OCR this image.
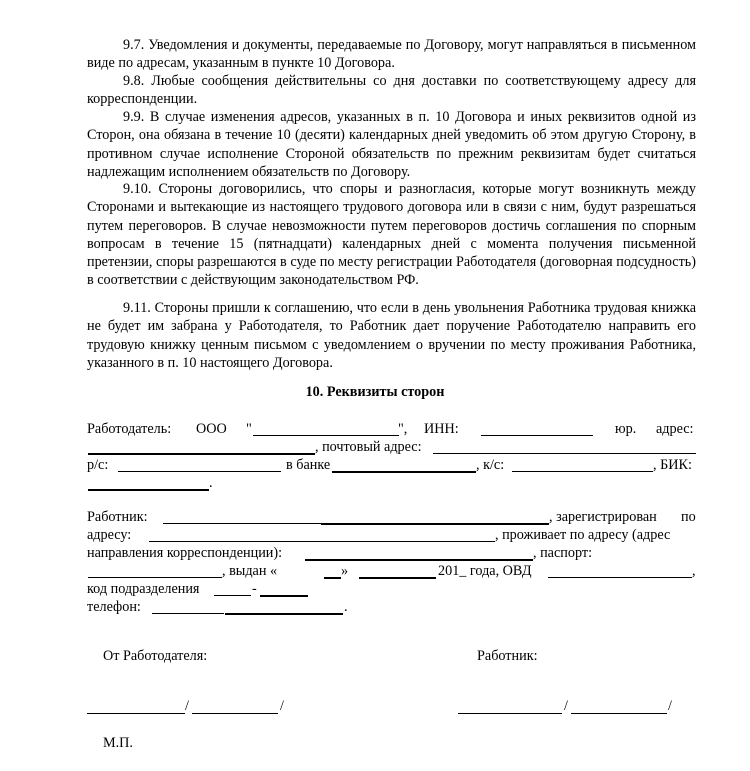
9.7. Уведомления и документы, передаваемые по Договору, могут направляться в письменном виде по адресам, указанным в пункте 10 Договора.

9.8. Любые сообщения действительны со дня доставки по соответствующему адресу для корреспонденции.

9.9. В случае изменения адресов, указанных в п. 10 Договора и иных реквизитов одной из Сторон, она обязана в течение 10 (десяти) календарных дней уведомить об этом другую Сторону, в противном случае исполнение Стороной обязательств по прежним реквизитам будет считаться надлежащим исполнением обязательств по Договору.

9.10. Стороны договорились, что споры и разногласия, которые могут возникнуть между Сторонами и вытекающие из настоящего трудового договора или в связи с ним, будут разрешаться путем переговоров. В случае невозможности путем переговоров достичь соглашения по спорным вопросам в течение 15 (пятнадцати) календарных дней с момента получения письменной претензии, споры разрешаются в суде по месту регистрации Работодателя (договорная подсудность) в соответствии с действующим законодательством РФ.

9.11. Стороны пришли к соглашению, что если в день увольнения Работника трудовая книжка не будет им забрана у Работодателя, то Работник дает поручение Работодателю направить его трудовую книжку ценным письмом с уведомлением о вручении по месту проживания Работника, указанного в п. 10 настоящего Договора.

10. Реквизиты сторон
Работодатель: ООО "	", ИНН:	юр. адрес:
, почтовый адрес:
р/с:	в банке	, к/с:	, БИК:
.
Работник:	, зарегистрирован по
адресу:	, проживает по адресу (адрес
направления корреспонденции):	, паспорт:
, выдан «	»	201_ года, ОВД	,
код подразделения	-
телефон:	.
От Работодателя:	Работник:
/	/	/	/
М.П.
